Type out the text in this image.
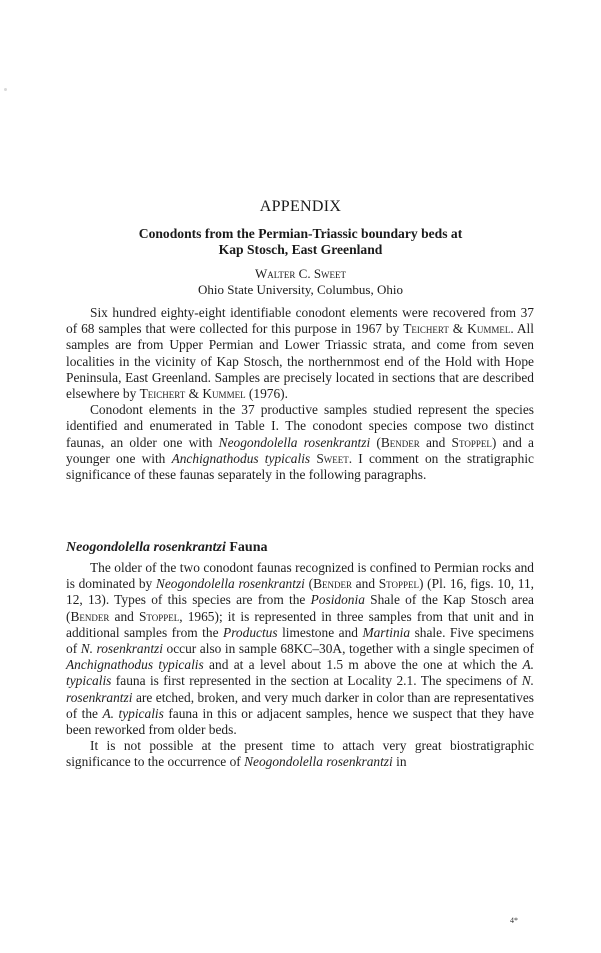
APPENDIX
Conodonts from the Permian-Triassic boundary beds at
Kap Stosch, East Greenland
Walter C. Sweet
Ohio State University, Columbus, Ohio

Six hundred eighty-eight identifiable conodont elements were recovered from 37 of 68 samples that were collected for this purpose in 1967 by Teichert & Kummel. All samples are from Upper Permian and Lower Triassic strata, and come from seven localities in the vicinity of Kap Stosch, the northernmost end of the Hold with Hope Peninsula, East Greenland. Samples are precisely located in sections that are described elsewhere by Teichert & Kummel (1976).

Conodont elements in the 37 productive samples studied represent the species identified and enumerated in Table I. The conodont species compose two distinct faunas, an older one with Neogondolella rosenkrantzi (Bender and Stoppel) and a younger one with Anchignathodus typicalis Sweet. I comment on the stratigraphic significance of these faunas separately in the following paragraphs.

Neogondolella rosenkrantzi Fauna

The older of the two conodont faunas recognized is confined to Permian rocks and is dominated by Neogondolella rosenkrantzi (Bender and Stoppel) (Pl. 16, figs. 10, 11, 12, 13). Types of this species are from the Posidonia Shale of the Kap Stosch area (Bender and Stoppel, 1965); it is represented in three samples from that unit and in additional samples from the Productus limestone and Martinia shale. Five specimens of N. rosenkrantzi occur also in sample 68KC–30A, together with a single specimen of Anchignathodus typicalis and at a level about 1.5 m above the one at which the A. typicalis fauna is first represented in the section at Locality 2.1. The specimens of N. rosenkrantzi are etched, broken, and very much darker in color than are representatives of the A. typicalis fauna in this or adjacent samples, hence we suspect that they have been reworked from older beds.

It is not possible at the present time to attach very great biostratigraphic significance to the occurrence of Neogondolella rosenkrantzi in

4*
